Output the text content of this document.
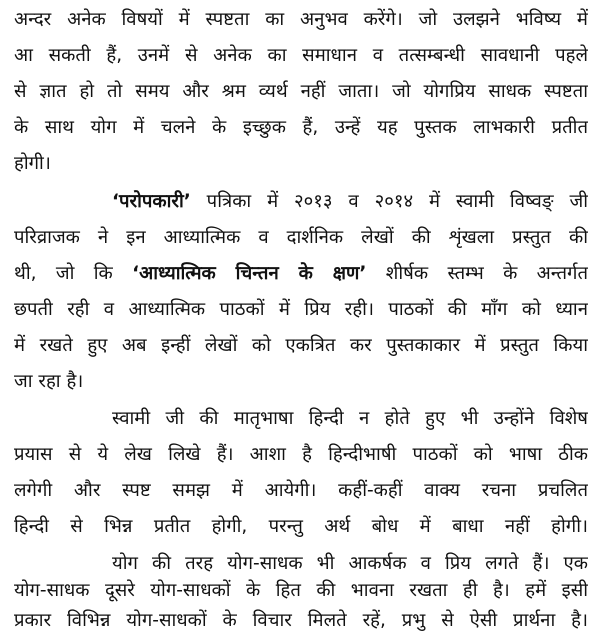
अन्दर अनेक विषयों में स्पष्टता का अनुभव करेंगे। जो उलझने भविष्य में
आ सकती हैं, उनमें से अनेक का समाधान व तत्सम्बन्धी सावधानी पहले
से ज्ञात हो तो समय और श्रम व्यर्थ नहीं जाता। जो योगप्रिय साधक स्पष्टता
के साथ योग में चलने के इच्छुक हैं, उन्हें यह पुस्तक लाभकारी प्रतीत
होगी।
‘परोपकारी’ पत्रिका में २०१३ व २०१४ में स्वामी विष्वङ् जी
परिव्राजक ने इन आध्यात्मिक व दार्शनिक लेखों की शृंखला प्रस्तुत की
थी, जो कि ‘आध्यात्मिक चिन्तन के क्षण’ शीर्षक स्तम्भ के अन्तर्गत
छपती रही व आध्यात्मिक पाठकों में प्रिय रही। पाठकों की माँग को ध्यान
में रखते हुए अब इन्हीं लेखों को एकत्रित कर पुस्तकाकार में प्रस्तुत किया
जा रहा है।
स्वामी जी की मातृभाषा हिन्दी न होते हुए भी उन्होंने विशेष
प्रयास से ये लेख लिखे हैं। आशा है हिन्दीभाषी पाठकों को भाषा ठीक
लगेगी और स्पष्ट समझ में आयेगी। कहीं-कहीं वाक्य रचना प्रचलित
हिन्दी से भिन्न प्रतीत होगी, परन्तु अर्थ बोध में बाधा नहीं होगी।
योग की तरह योग-साधक भी आकर्षक व प्रिय लगते हैं। एक
योग-साधक दूसरे योग-साधकों के हित की भावना रखता ही है। हमें इसी
प्रकार विभिन्न योग-साधकों के विचार मिलते रहें, प्रभु से ऐसी प्रार्थना है।
